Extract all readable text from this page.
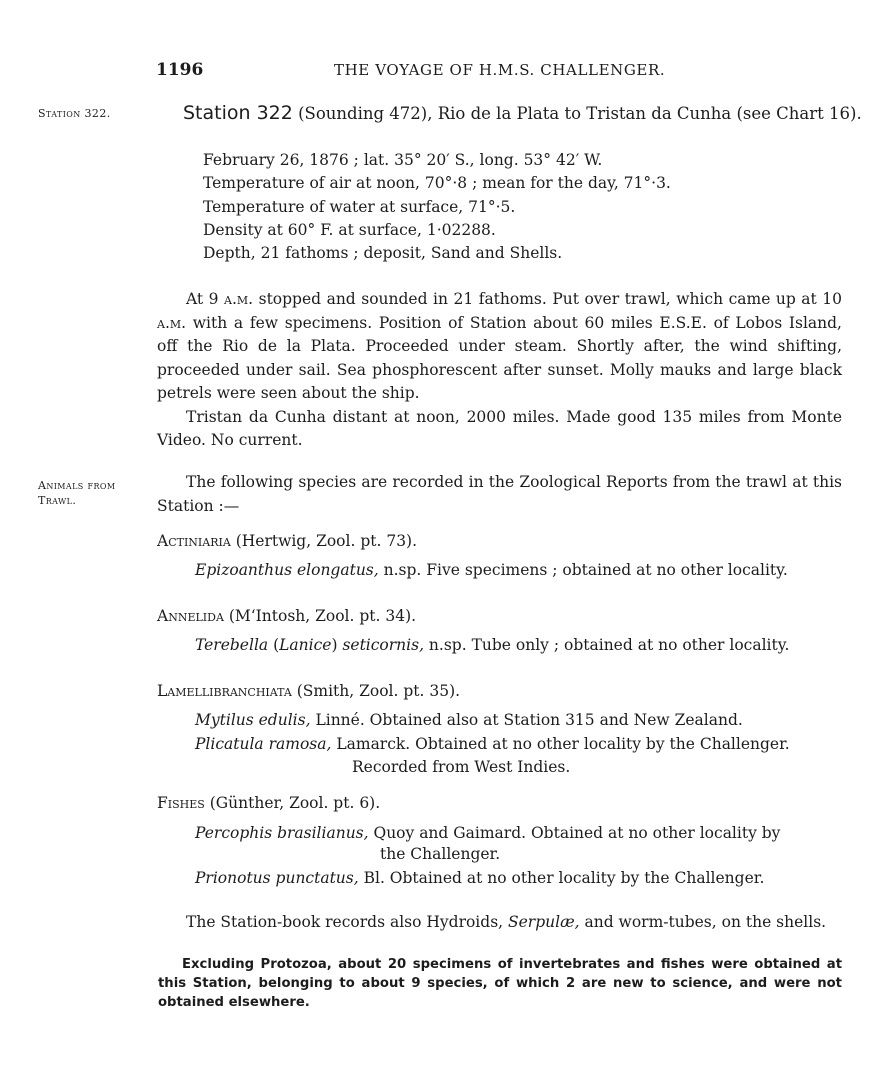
1196	THE VOYAGE OF H.M.S. CHALLENGER.
Station 322.	Station 322 (Sounding 472), Rio de la Plata to Tristan da Cunha (see Chart 16).
February 26, 1876 ; lat. 35° 20′ S., long. 53° 42′ W.
Temperature of air at noon, 70°·8 ; mean for the day, 71°·3.
Temperature of water at surface, 71°·5.
Density at 60° F. at surface, 1·02288.
Depth, 21 fathoms ; deposit, Sand and Shells.
At 9 a.m. stopped and sounded in 21 fathoms. Put over trawl, which came up at 10 a.m. with a few specimens. Position of Station about 60 miles E.S.E. of Lobos Island, off the Rio de la Plata. Proceeded under steam. Shortly after, the wind shifting, proceeded under sail. Sea phosphorescent after sunset. Molly mauks and large black petrels were seen about the ship.
Tristan da Cunha distant at noon, 2000 miles. Made good 135 miles from Monte Video. No current.
Animals from
Trawl.
The following species are recorded in the Zoological Reports from the trawl at this Station :—
Actiniaria (Hertwig, Zool. pt. 73).
Epizoanthus elongatus, n.sp. Five specimens ; obtained at no other locality.
Annelida (M‘Intosh, Zool. pt. 34).
Terebella (Lanice) seticornis, n.sp. Tube only ; obtained at no other locality.
Lamellibranchiata (Smith, Zool. pt. 35).
Mytilus edulis, Linné. Obtained also at Station 315 and New Zealand.
Plicatula ramosa, Lamarck. Obtained at no other locality by the Challenger.
Recorded from West Indies.
Fishes (Günther, Zool. pt. 6).
Percophis brasilianus, Quoy and Gaimard. Obtained at no other locality by
the Challenger.
Prionotus punctatus, Bl. Obtained at no other locality by the Challenger.
The Station-book records also Hydroids, Serpulæ, and worm-tubes, on the shells.
Excluding Protozoa, about 20 specimens of invertebrates and fishes were obtained at this Station, belonging to about 9 species, of which 2 are new to science, and were not obtained elsewhere.
